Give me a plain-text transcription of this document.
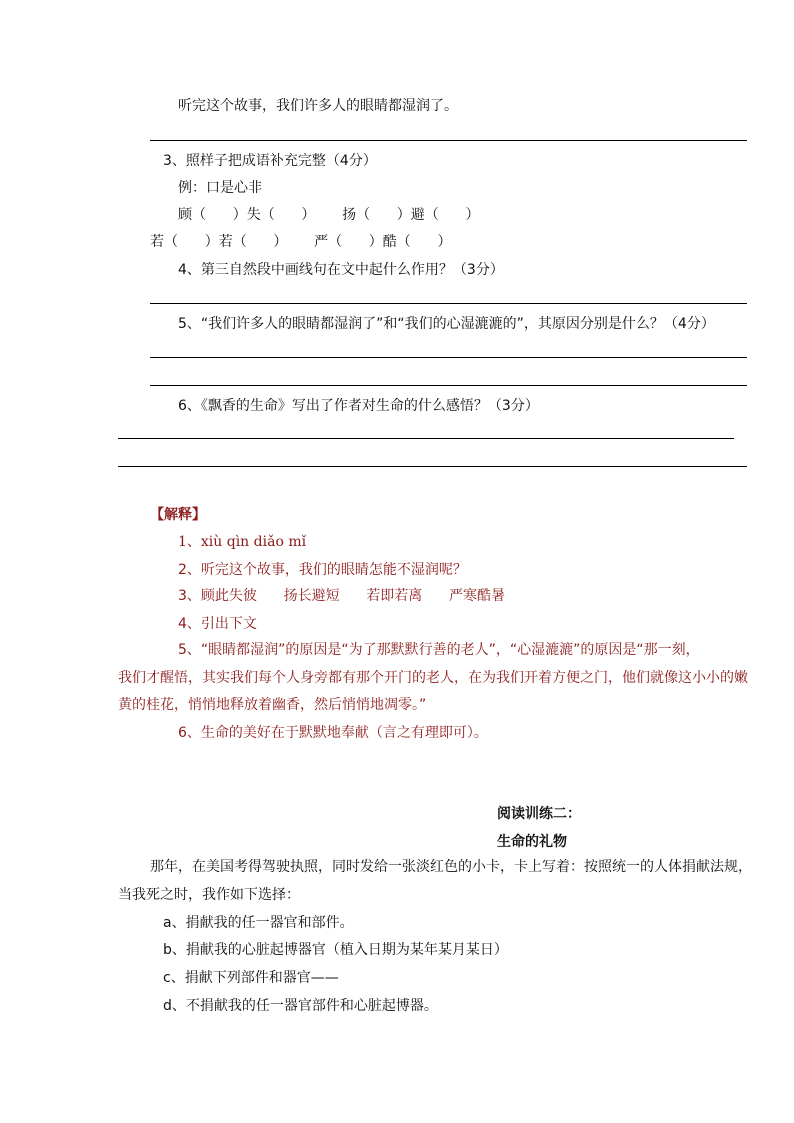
听完这个故事，我们许多人的眼睛都湿润了。
3、照样子把成语补充完整（4分）
例：口是心非
顾（      ）失（      ）      扬（      ）避（      ）
若（      ）若（      ）      严（      ）酷（      ）
4、第三自然段中画线句在文中起什么作用？（3分）
5、“我们许多人的眼睛都湿润了”和“我们的心湿漉漉的”，其原因分别是什么？（4分）
6、《飘香的生命》写出了作者对生命的什么感悟？（3分）
【解释】
1、xiù qìn diǎo mǐ
2、听完这个故事，我们的眼睛怎能不湿润呢？
3、顾此失彼      扬长避短      若即若离      严寒酷暑
4、引出下文
5、“眼睛都湿润”的原因是“为了那默默行善的老人”，“心湿漉漉”的原因是“那一刻，
我们才醒悟，其实我们每个人身旁都有那个开门的老人，在为我们开着方便之门，他们就像这小小的嫩
黄的桂花，悄悄地释放着幽香，然后悄悄地凋零。”
6、生命的美好在于默默地奉献（言之有理即可）。
阅读训练二：
生命的礼物
那年，在美国考得驾驶执照，同时发给一张淡红色的小卡，卡上写着：按照统一的人体捐献法规，
当我死之时，我作如下选择：
a、捐献我的任一器官和部件。
b、捐献我的心脏起博器官（植入日期为某年某月某日）
c、捐献下列部件和器官——
d、不捐献我的任一器官部件和心脏起博器。
